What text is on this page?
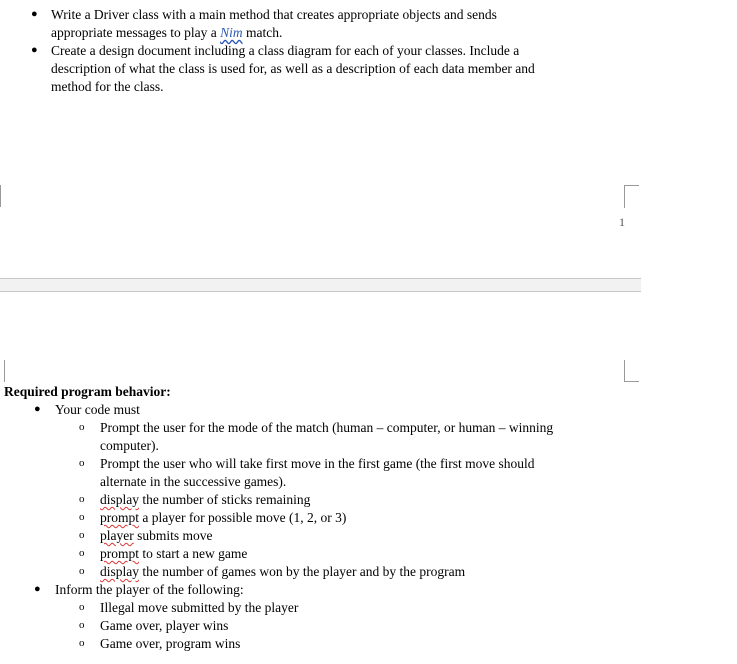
● Write a Driver class with a main method that creates appropriate objects and sends
appropriate messages to play a Nim match.
● Create a design document including a class diagram for each of your classes. Include a
description of what the class is used for, as well as a description of each data member and
method for the class.
1
Required program behavior:
● Your code must
o Prompt the user for the mode of the match (human – computer, or human – winning
computer).
o Prompt the user who will take first move in the first game (the first move should
alternate in the successive games).
o display the number of sticks remaining
o prompt a player for possible move (1, 2, or 3)
o player submits move
o prompt to start a new game
o display the number of games won by the player and by the program
● Inform the player of the following:
o Illegal move submitted by the player
o Game over, player wins
o Game over, program wins
